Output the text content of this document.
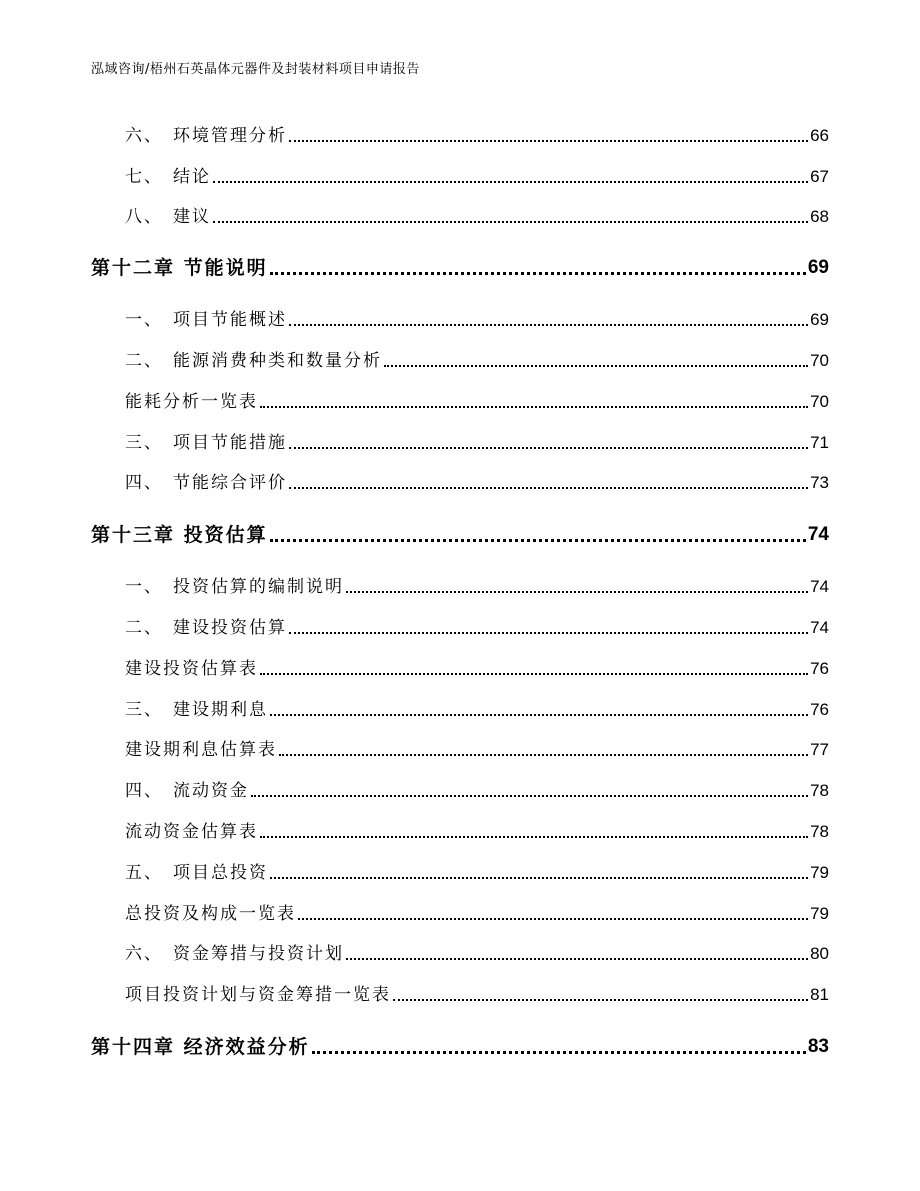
泓域咨询/梧州石英晶体元器件及封装材料项目申请报告
六、 环境管理分析	66
七、 结论	67
八、 建议	68
第十二章 节能说明	69
一、 项目节能概述	69
二、 能源消费种类和数量分析	70
能耗分析一览表	70
三、 项目节能措施	71
四、 节能综合评价	73
第十三章 投资估算	74
一、 投资估算的编制说明	74
二、 建设投资估算	74
建设投资估算表	76
三、 建设期利息	76
建设期利息估算表	77
四、 流动资金	78
流动资金估算表	78
五、 项目总投资	79
总投资及构成一览表	79
六、 资金筹措与投资计划	80
项目投资计划与资金筹措一览表	81
第十四章 经济效益分析	83
